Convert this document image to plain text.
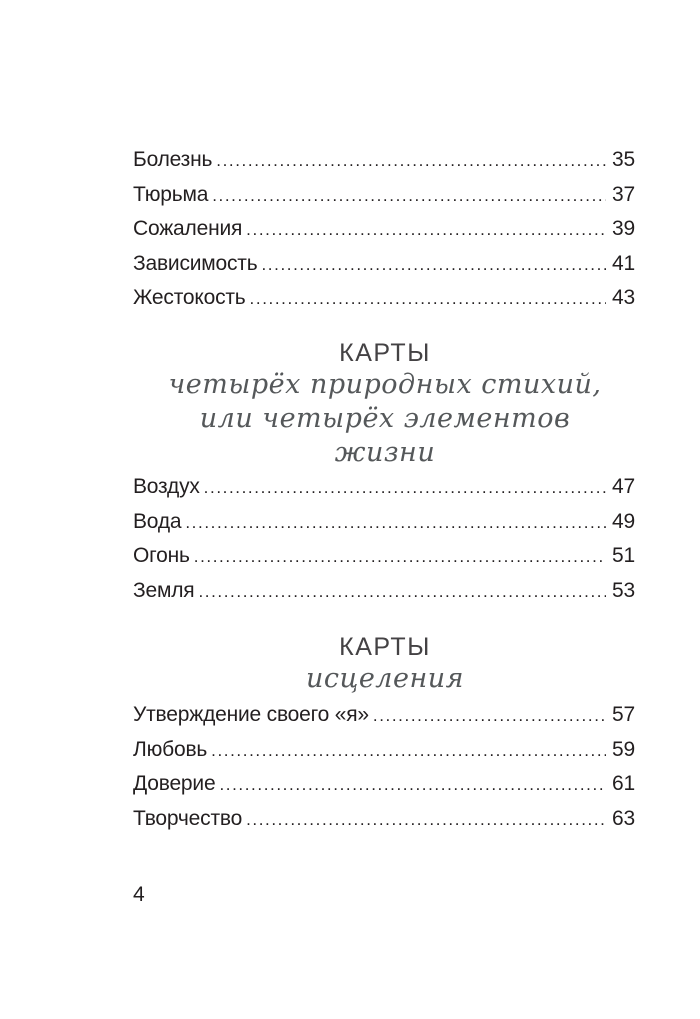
Болезнь .....	35
Тюрьма .....	37
Сожаления .....	39
Зависимость .....	41
Жестокость .....	43
КАРТЫ
четырёх природных стихий,
или четырёх элементов
жизни
Воздух .....	47
Вода .....	49
Огонь .....	51
Земля .....	53
КАРТЫ
исцеления
Утверждение своего «я» .....	57
Любовь .....	59
Доверие .....	61
Творчество .....	63
4
